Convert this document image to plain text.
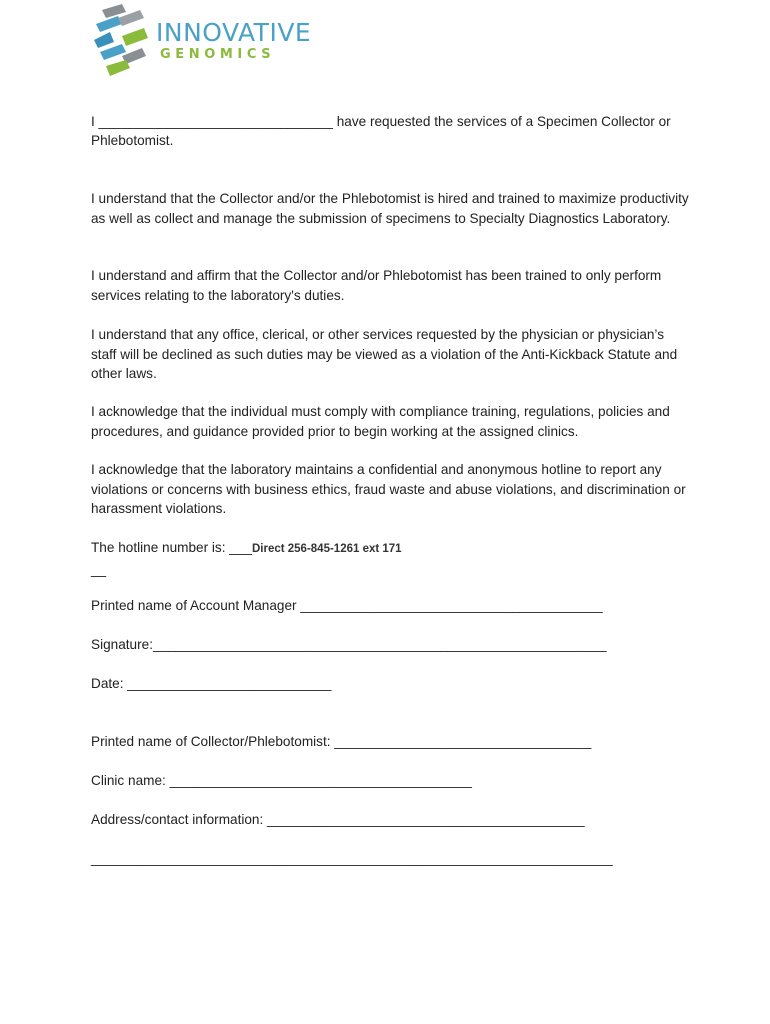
INNOVATIVE
GENOMICS
I _______________________________ have requested the services of a Specimen Collector or
Phlebotomist.
I understand that the Collector and/or the Phlebotomist is hired and trained to maximize productivity as well as collect and manage the submission of specimens to Specialty Diagnostics Laboratory.
I understand and affirm that the Collector and/or Phlebotomist has been trained to only perform services relating to the laboratory's duties.
I understand that any office, clerical, or other services requested by the physician or physician’s staff will be declined as such duties may be viewed as a violation of the Anti-Kickback Statute and other laws.
I acknowledge that the individual must comply with compliance training, regulations, policies and procedures, and guidance provided prior to begin working at the assigned clinics.
I acknowledge that the laboratory maintains a confidential and anonymous hotline to report any violations or concerns with business ethics, fraud waste and abuse violations, and discrimination or harassment violations.
The hotline number is: ___Direct 256-845-1261 ext 171
__
Printed name of Account Manager ________________________________________
Signature:____________________________________________________________
Date: ___________________________
Printed name of Collector/Phlebotomist: __________________________________
Clinic name: ________________________________________
Address/contact information: __________________________________________
_____________________________________________________________________
